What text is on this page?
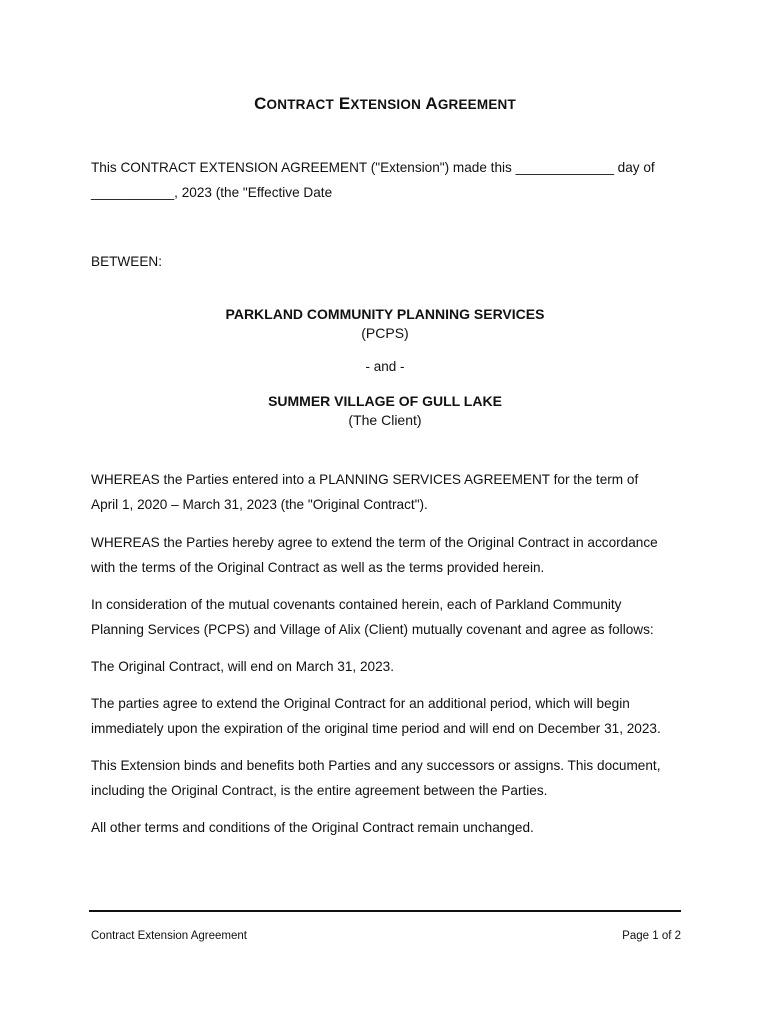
CONTRACT EXTENSION AGREEMENT
This CONTRACT EXTENSION AGREEMENT ("Extension") made this _____________ day of
___________, 2023 (the "Effective Date
BETWEEN:
PARKLAND COMMUNITY PLANNING SERVICES
(PCPS)
- and -
SUMMER VILLAGE OF GULL LAKE
(The Client)
WHEREAS the Parties entered into a PLANNING SERVICES AGREEMENT for the term of
April 1, 2020 – March 31, 2023 (the "Original Contract").
WHEREAS the Parties hereby agree to extend the term of the Original Contract in accordance
with the terms of the Original Contract as well as the terms provided herein.
In consideration of the mutual covenants contained herein, each of Parkland Community
Planning Services (PCPS) and Village of Alix (Client) mutually covenant and agree as follows:
The Original Contract, will end on March 31, 2023.
The parties agree to extend the Original Contract for an additional period, which will begin
immediately upon the expiration of the original time period and will end on December 31, 2023.
This Extension binds and benefits both Parties and any successors or assigns. This document,
including the Original Contract, is the entire agreement between the Parties.
All other terms and conditions of the Original Contract remain unchanged.
Contract Extension Agreement	Page 1 of 2
